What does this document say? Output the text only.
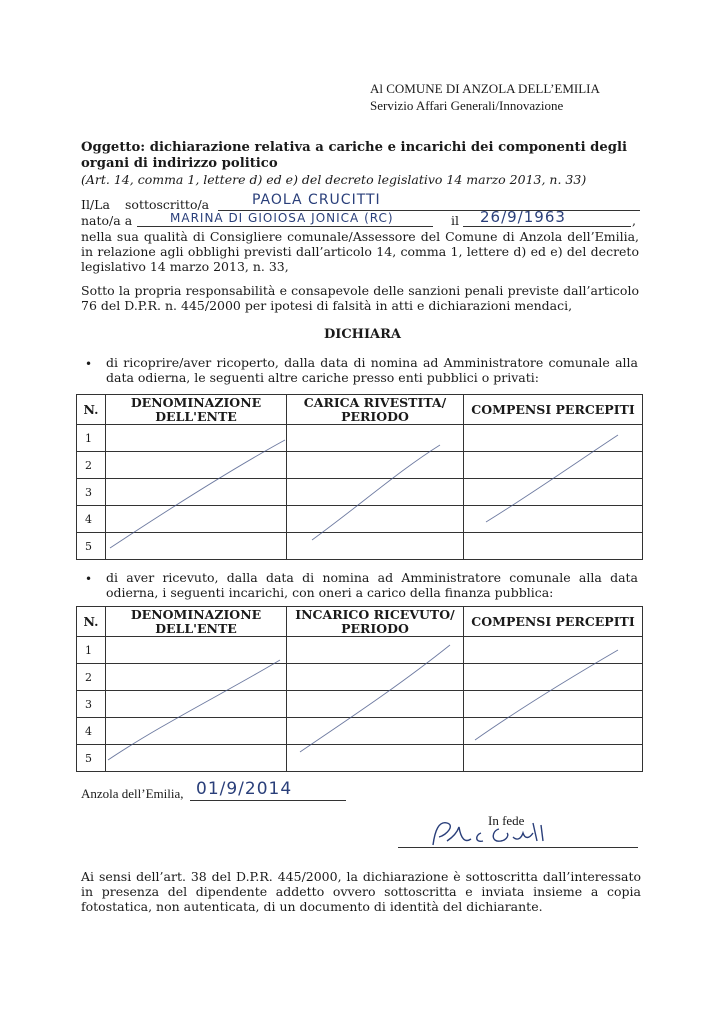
Al COMUNE DI ANZOLA DELL’EMILIA
Servizio Affari Generali/Innovazione
Oggetto: dichiarazione relativa a cariche e incarichi dei componenti degli organi di indirizzo politico
(Art. 14, comma 1, lettere d) ed e) del decreto legislativo 14 marzo 2013, n. 33)
Il/La sottoscritto/a	PAOLA CRUCITTI
nato/a a	MARINA DI GIOIOSA JONICA (RC)	il 26/9/1963	,
nella sua qualità di Consigliere comunale/Assessore del Comune di Anzola dell’Emilia, in relazione agli obblighi previsti dall’articolo 14, comma 1, lettere d) ed e) del decreto legislativo 14 marzo 2013, n. 33,
Sotto la propria responsabilità e consapevole delle sanzioni penali previste dall’articolo 76 del D.P.R. n. 445/2000 per ipotesi di falsità in atti e dichiarazioni mendaci,
DICHIARA
• di ricoprire/aver ricoperto, dalla data di nomina ad Amministratore comunale alla data odierna, le seguenti altre cariche presso enti pubblici o privati:
N.	DENOMINAZIONE DELL'ENTE	CARICA RIVESTITA/ PERIODO	COMPENSI PERCEPITI
1			
2			
3			
4			
5			
• di aver ricevuto, dalla data di nomina ad Amministratore comunale alla data odierna, i seguenti incarichi, con oneri a carico della finanza pubblica:
N.	DENOMINAZIONE DELL'ENTE	INCARICO RICEVUTO/ PERIODO	COMPENSI PERCEPITI
1			
2			
3			
4			
5			
Anzola dell’Emilia, 01/9/2014
In fede
Ai sensi dell’art. 38 del D.P.R. 445/2000, la dichiarazione è sottoscritta dall’interessato in presenza del dipendente addetto ovvero sottoscritta e inviata insieme a copia fotostatica, non autenticata, di un documento di identità del dichiarante.
